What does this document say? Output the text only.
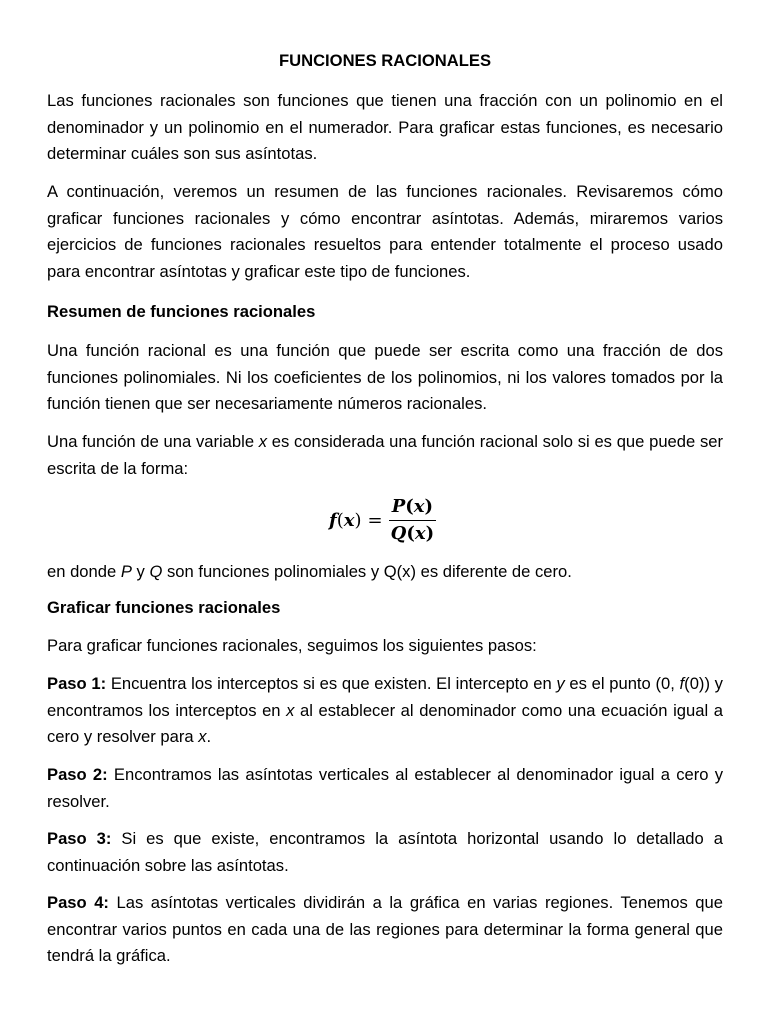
FUNCIONES RACIONALES

Las funciones racionales son funciones que tienen una fracción con un polinomio en el denominador y un polinomio en el numerador. Para graficar estas funciones, es necesario determinar cuáles son sus asíntotas.

A continuación, veremos un resumen de las funciones racionales. Revisaremos cómo graficar funciones racionales y cómo encontrar asíntotas. Además, miraremos varios ejercicios de funciones racionales resueltos para entender totalmente el proceso usado para encontrar asíntotas y graficar este tipo de funciones.

Resumen de funciones racionales

Una función racional es una función que puede ser escrita como una fracción de dos funciones polinomiales. Ni los coeficientes de los polinomios, ni los valores tomados por la función tienen que ser necesariamente números racionales.

Una función de una variable x es considerada una función racional solo si es que puede ser escrita de la forma:

$f(x) = \frac{P(x)}{Q(x)}$

en donde P y Q son funciones polinomiales y Q(x) es diferente de cero.

Graficar funciones racionales

Para graficar funciones racionales, seguimos los siguientes pasos:

Paso 1: Encuentra los interceptos si es que existen. El intercepto en y es el punto (0, f(0)) y encontramos los interceptos en x al establecer al denominador como una ecuación igual a cero y resolver para x.

Paso 2: Encontramos las asíntotas verticales al establecer al denominador igual a cero y resolver.

Paso 3: Si es que existe, encontramos la asíntota horizontal usando lo detallado a continuación sobre las asíntotas.

Paso 4: Las asíntotas verticales dividirán a la gráfica en varias regiones. Tenemos que encontrar varios puntos en cada una de las regiones para determinar la forma general que tendrá la gráfica.
